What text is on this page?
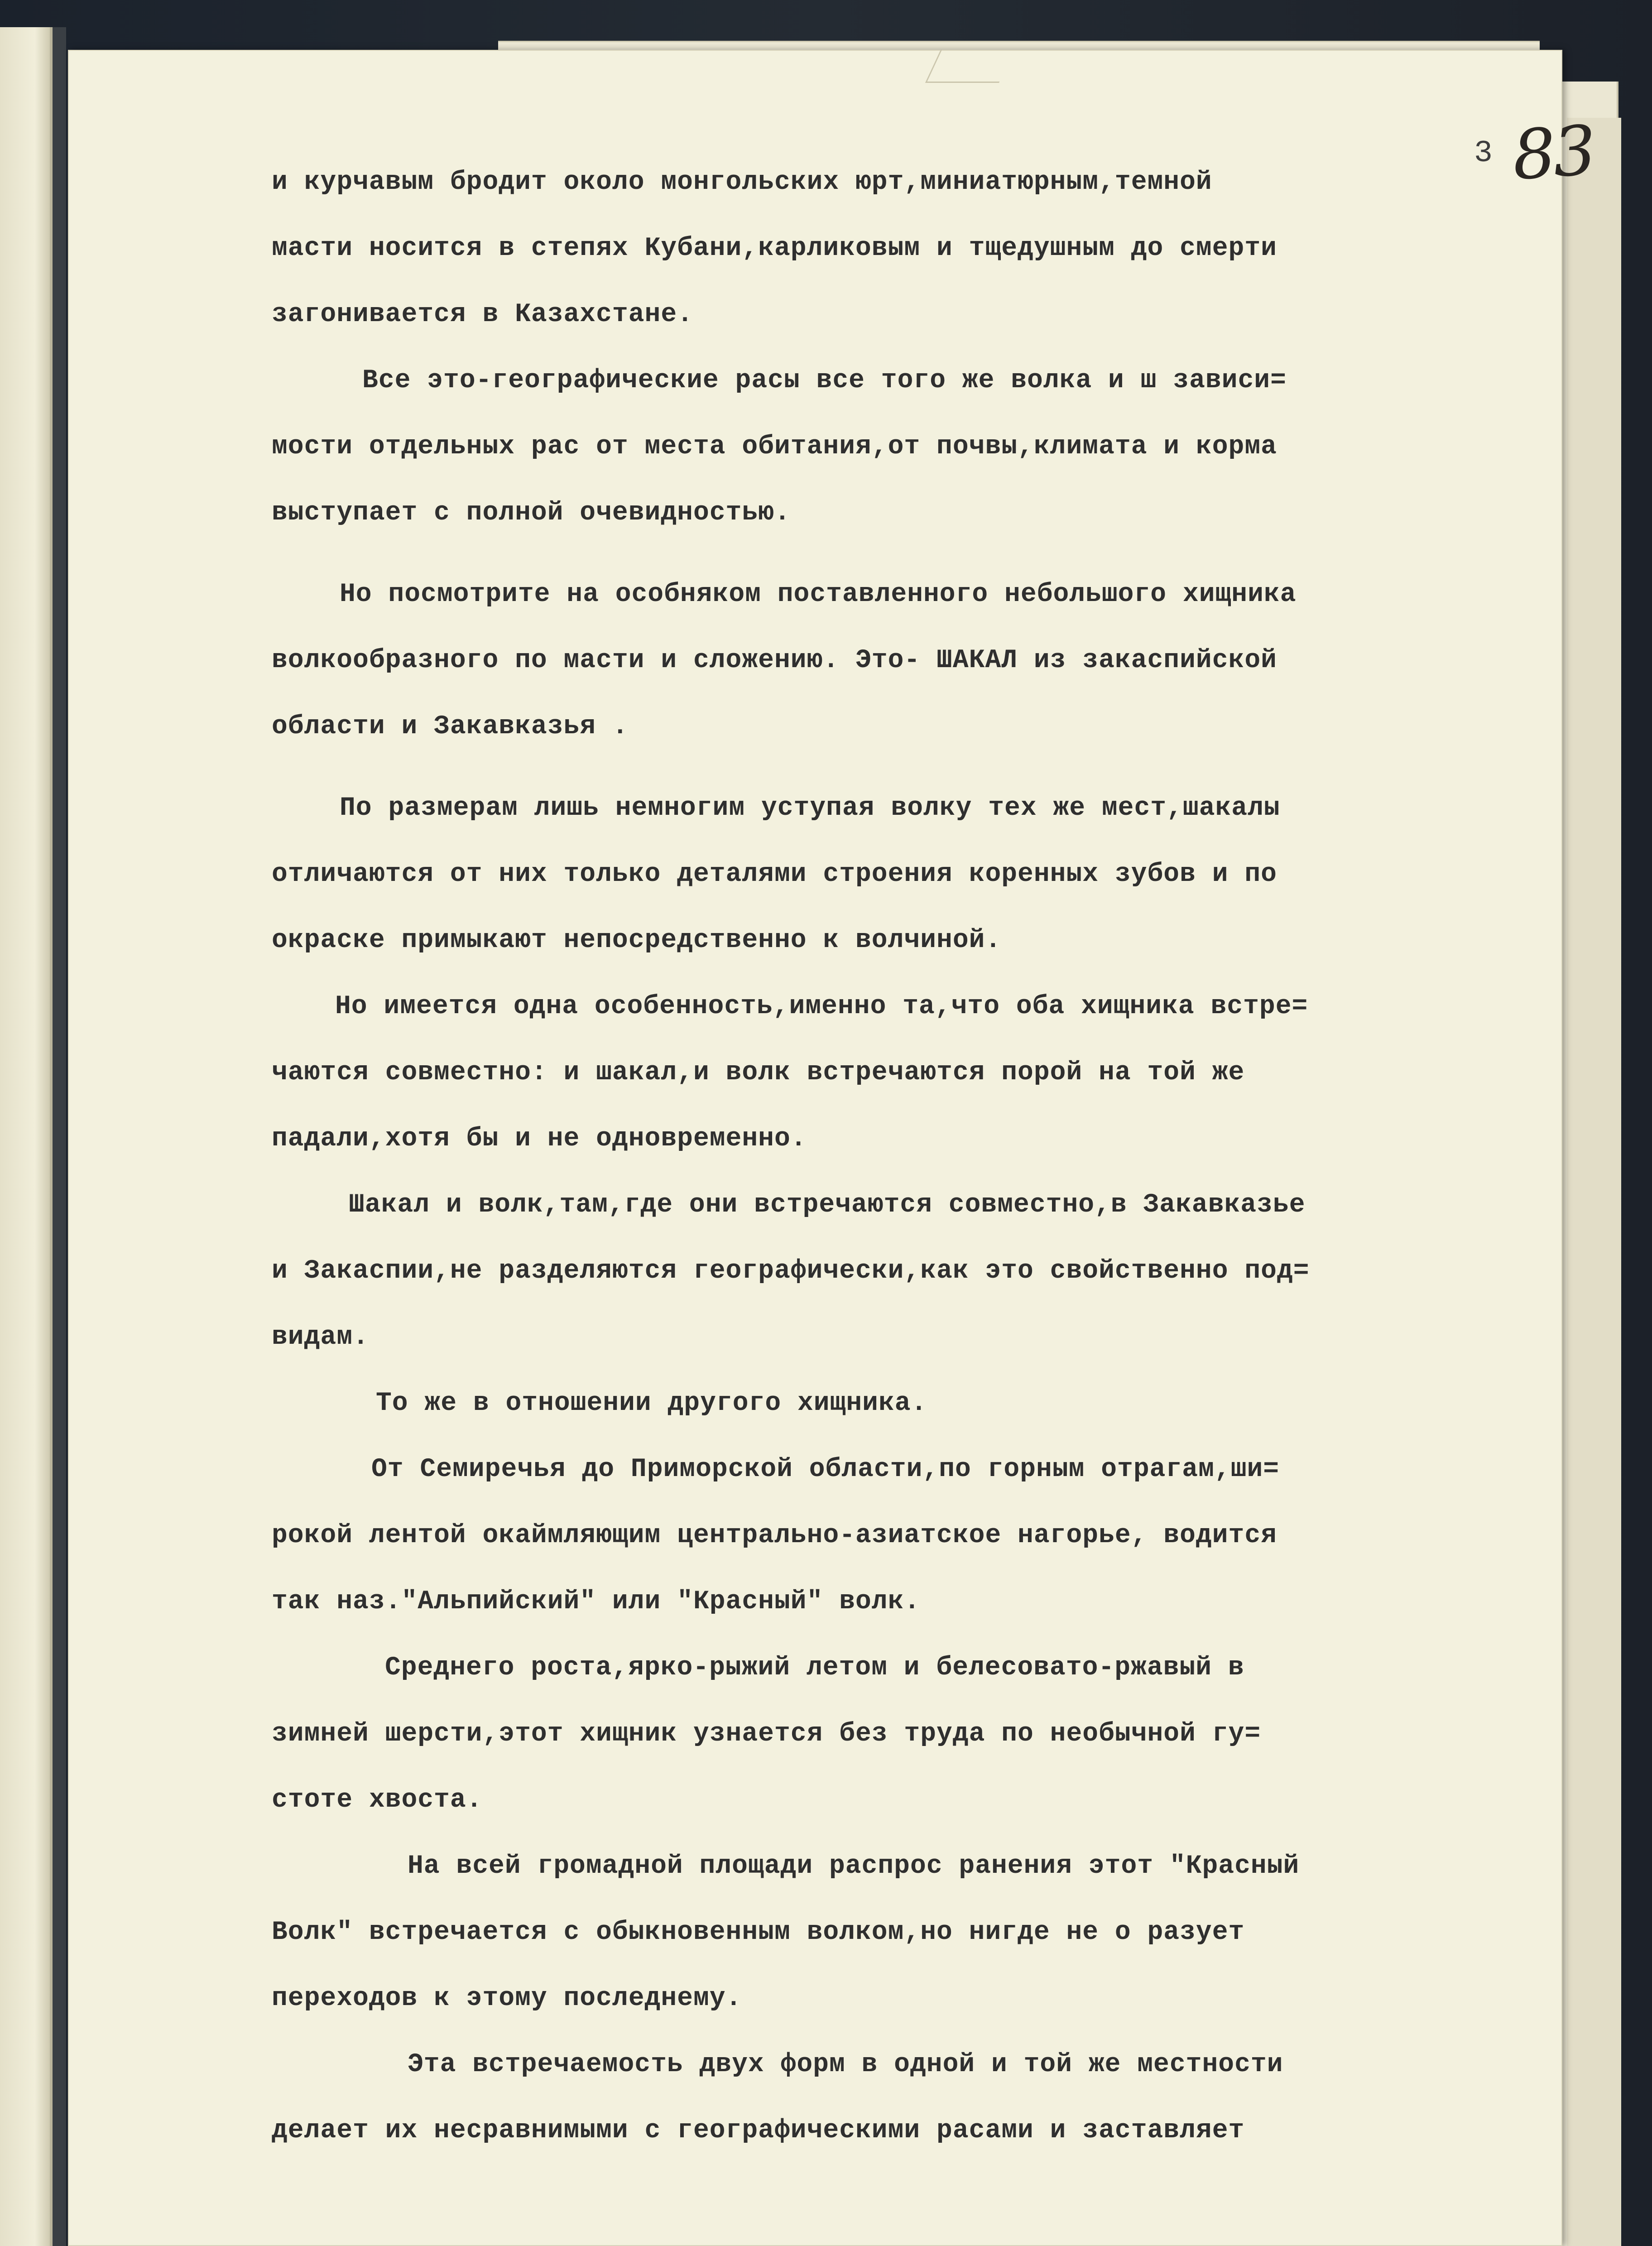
3 83

и курчавым бродит около монгольских юрт,миниатюрным,темной

масти носится в степях Кубани,карликовым и тщедушным до смерти

загонивается в Казахстане.

Все это-географические расы все того же волка и ш зависи=

мости отдельных рас от места обитания,от почвы,климата и корма

выступает с полной очевидностью.

Но посмотрите на особняком поставленного небольшого хищника

волкообразного по масти и сложению. Это- ШАКАЛ из закаспийской

области и Закавказья .

По размерам лишь немногим уступая волку тех же мест,шакалы

отличаются от них только деталями строения коренных зубов и по

окраске примыкают непосредственно к волчиной.

Но имеется одна особенность,именно та,что оба хищника встре=

чаются совместно: и шакал,и волк встречаются порой на той же

падали,хотя бы и не одновременно.

Шакал и волк,там,где они встречаются совместно,в Закавказье

и Закаспии,не разделяются географически,как это свойственно под=

видам.

То же в отношении другого хищника.

От Семиречья до Приморской области,по горным отрагам,ши=

рокой лентой окаймляющим центрально-азиатское нагорье, водится

так наз."Альпийский" или "Красный" волк.

Среднего роста,ярко-рыжий летом и белесовато-ржавый в

зимней шерсти,этот хищник узнается без труда по необычной гу=

стоте хвоста.

На всей громадной площади распрос ранения этот "Красный

Волк" встречается с обыкновенным волком,но нигде не о разует

переходов к этому последнему.

Эта встречаемость двух форм в одной и той же местности

делает их несравнимыми с географическими расами и заставляет
